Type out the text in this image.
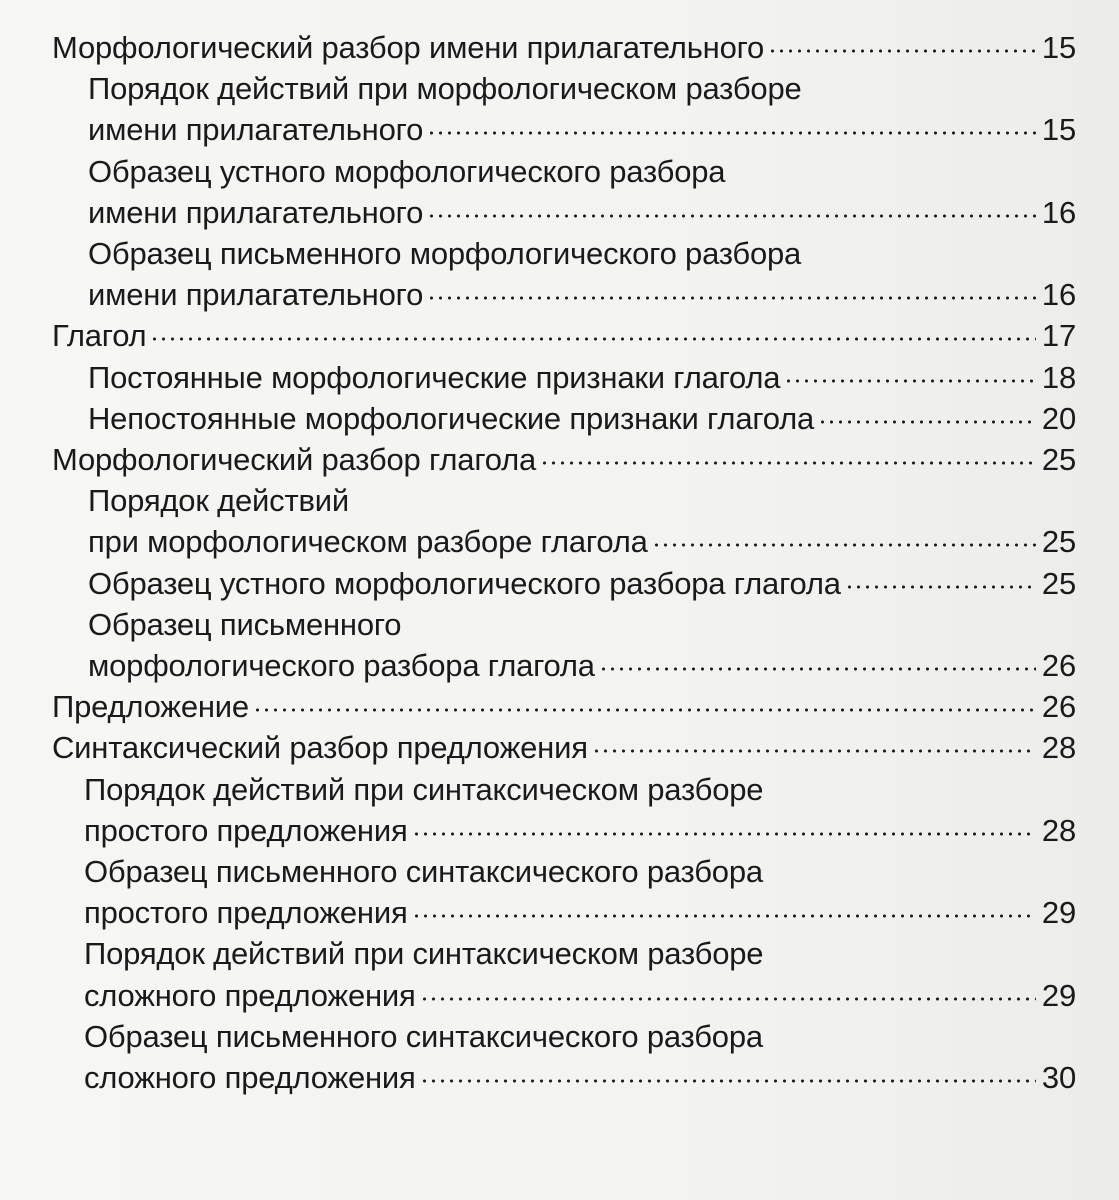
Морфологический разбор имени прилагательного	15
Порядок действий при морфологическом разборе
имени прилагательного	15
Образец устного морфологического разбора
имени прилагательного	16
Образец письменного морфологического разбора
имени прилагательного	16
Глагол	17
Постоянные морфологические признаки глагола	18
Непостоянные морфологические признаки глагола	20
Морфологический разбор глагола	25
Порядок действий
при морфологическом разборе глагола	25
Образец устного морфологического разбора глагола	25
Образец письменного
морфологического разбора глагола	26
Предложение	26
Синтаксический разбор предложения	28
Порядок действий при синтаксическом разборе
простого предложения	28
Образец письменного синтаксического разбора
простого предложения	29
Порядок действий при синтаксическом разборе
сложного предложения	29
Образец письменного синтаксического разбора
сложного предложения	30
